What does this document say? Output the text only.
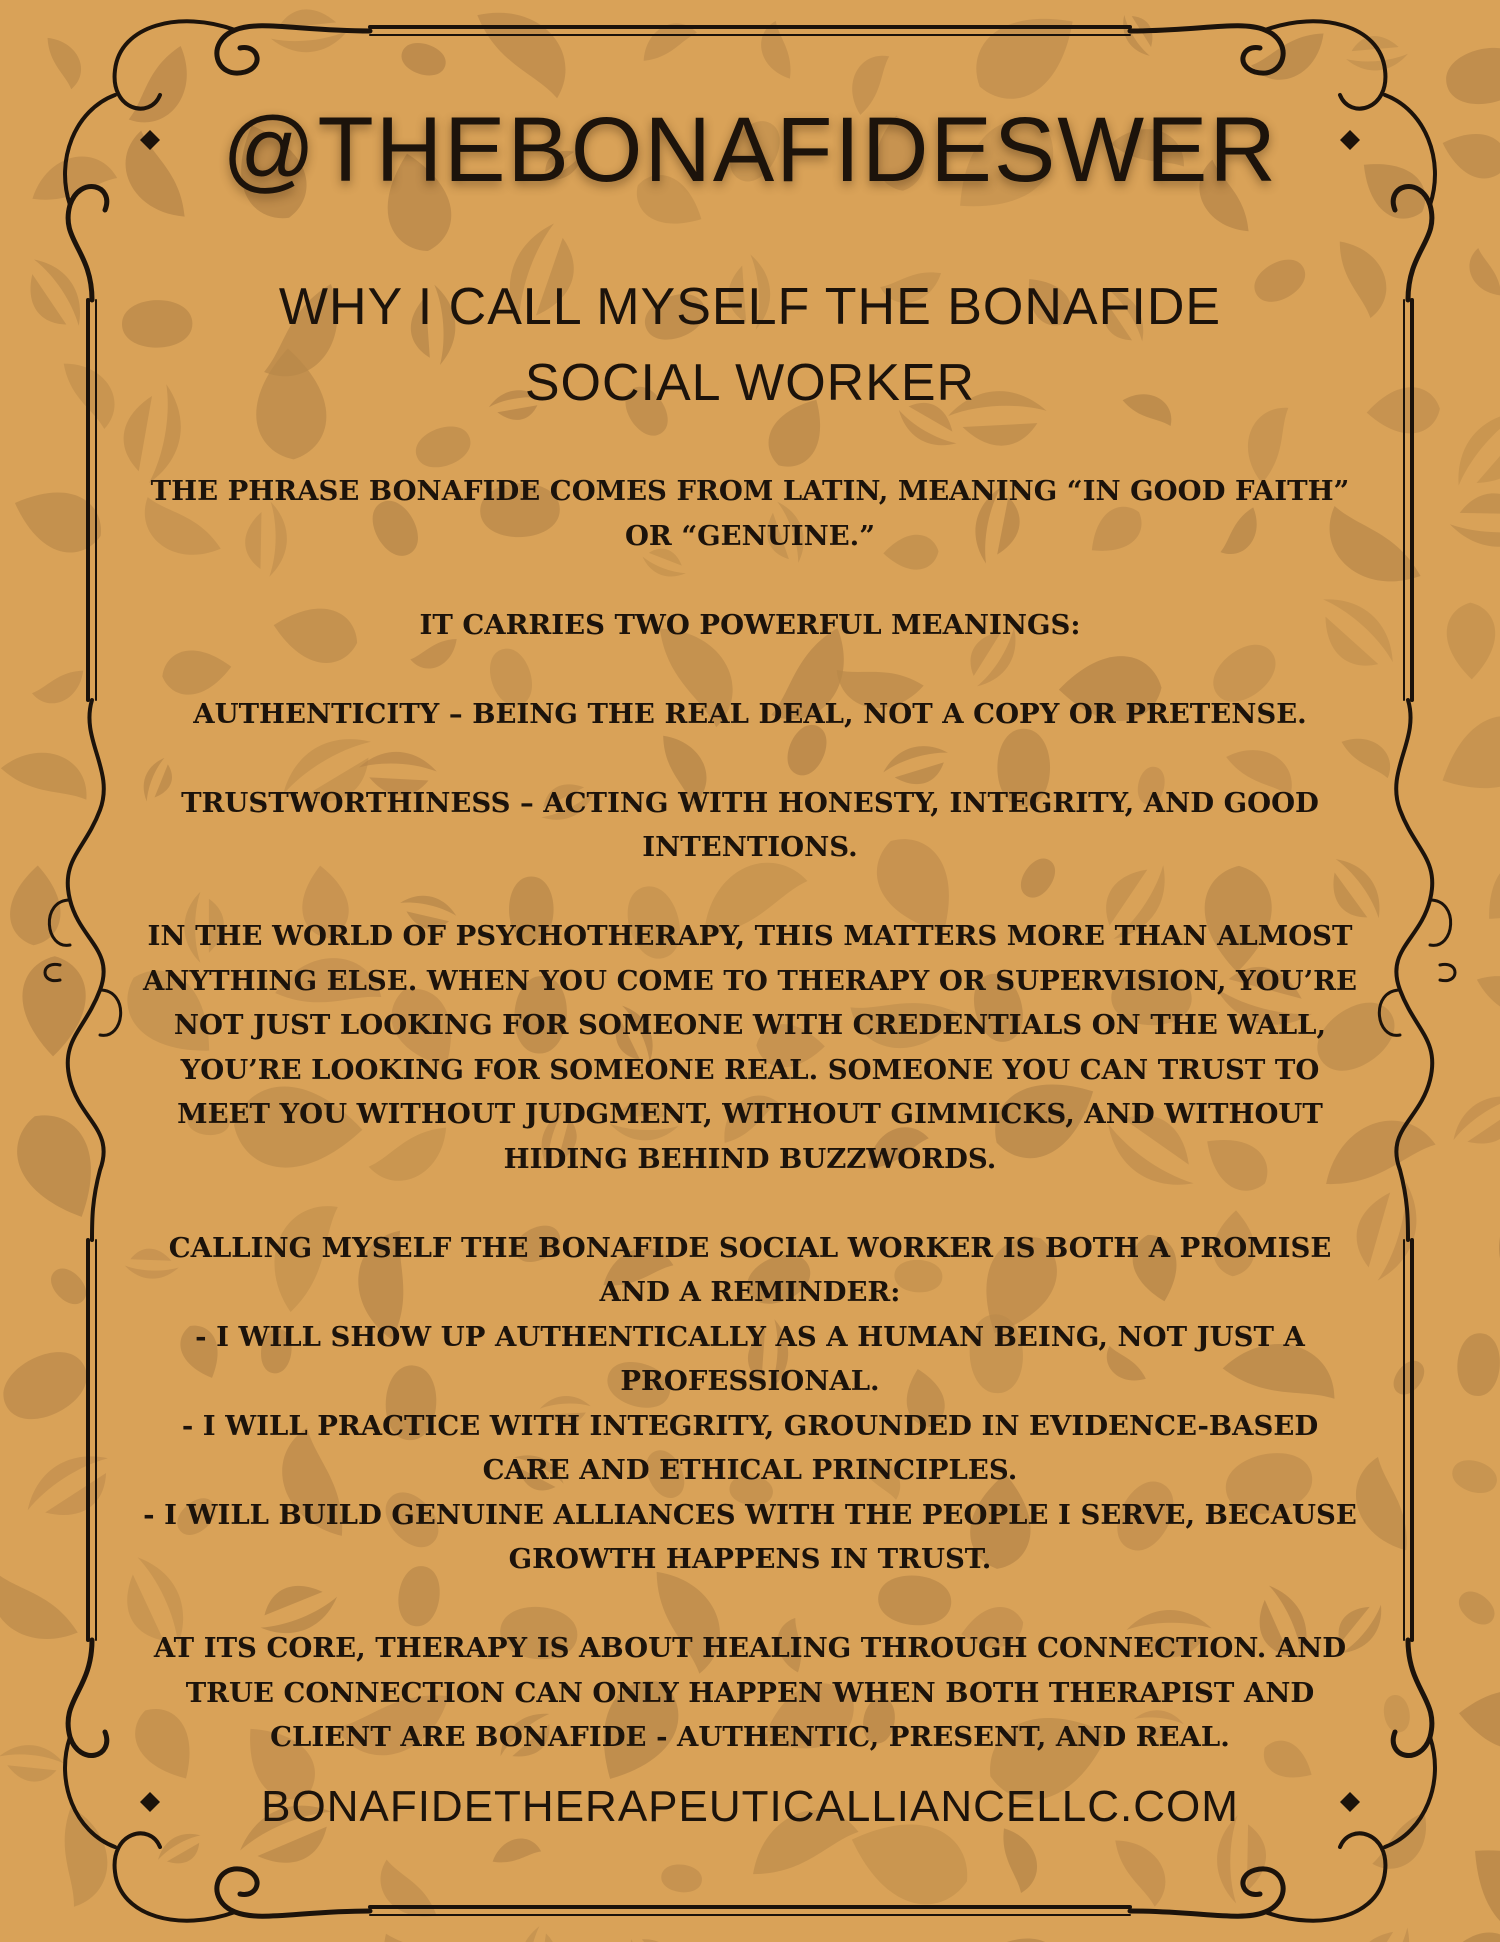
@THEBONAFIDESWER
WHY I CALL MYSELF THE BONAFIDE SOCIAL WORKER

THE PHRASE BONAFIDE COMES FROM LATIN, MEANING “IN GOOD FAITH”

OR “GENUINE.”

IT CARRIES TWO POWERFUL MEANINGS:

AUTHENTICITY – BEING THE REAL DEAL, NOT A COPY OR PRETENSE.

TRUSTWORTHINESS – ACTING WITH HONESTY, INTEGRITY, AND GOOD

INTENTIONS.

IN THE WORLD OF PSYCHOTHERAPY, THIS MATTERS MORE THAN ALMOST

ANYTHING ELSE. WHEN YOU COME TO THERAPY OR SUPERVISION, YOU’RE

NOT JUST LOOKING FOR SOMEONE WITH CREDENTIALS ON THE WALL,

YOU’RE LOOKING FOR SOMEONE REAL. SOMEONE YOU CAN TRUST TO

MEET YOU WITHOUT JUDGMENT, WITHOUT GIMMICKS, AND WITHOUT

HIDING BEHIND BUZZWORDS.

CALLING MYSELF THE BONAFIDE SOCIAL WORKER IS BOTH A PROMISE

AND A REMINDER:

- I WILL SHOW UP AUTHENTICALLY AS A HUMAN BEING, NOT JUST A

PROFESSIONAL.

- I WILL PRACTICE WITH INTEGRITY, GROUNDED IN EVIDENCE-BASED

CARE AND ETHICAL PRINCIPLES.

- I WILL BUILD GENUINE ALLIANCES WITH THE PEOPLE I SERVE, BECAUSE

GROWTH HAPPENS IN TRUST.

AT ITS CORE, THERAPY IS ABOUT HEALING THROUGH CONNECTION. AND

TRUE CONNECTION CAN ONLY HAPPEN WHEN BOTH THERAPIST AND

CLIENT ARE BONAFIDE - AUTHENTIC, PRESENT, AND REAL.

BONAFIDETHERAPEUTICALLIANCELLC.COM
